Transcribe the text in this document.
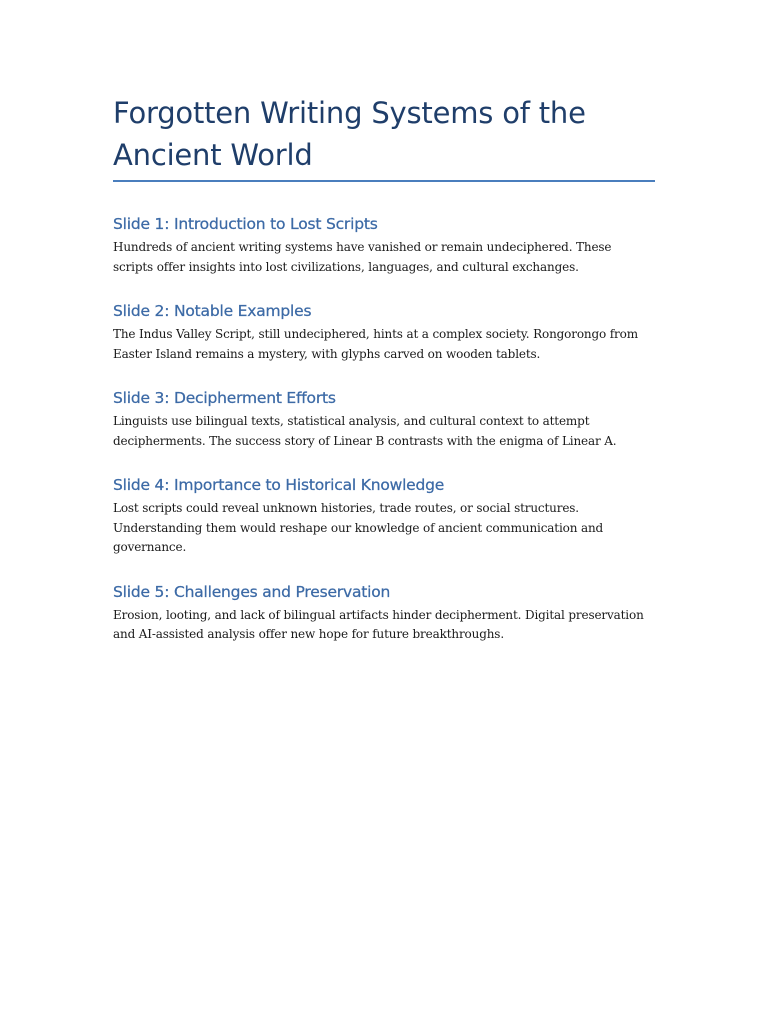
Forgotten Writing Systems of the
Ancient World
Slide 1: Introduction to Lost Scripts

Hundreds of ancient writing systems have vanished or remain undeciphered. These scripts offer insights into lost civilizations, languages, and cultural exchanges.

Slide 2: Notable Examples

The Indus Valley Script, still undeciphered, hints at a complex society. Rongorongo from Easter Island remains a mystery, with glyphs carved on wooden tablets.

Slide 3: Decipherment Efforts

Linguists use bilingual texts, statistical analysis, and cultural context to attempt decipherments. The success story of Linear B contrasts with the enigma of Linear A.

Slide 4: Importance to Historical Knowledge

Lost scripts could reveal unknown histories, trade routes, or social structures. Understanding them would reshape our knowledge of ancient communication and governance.

Slide 5: Challenges and Preservation

Erosion, looting, and lack of bilingual artifacts hinder decipherment. Digital preservation and AI-assisted analysis offer new hope for future breakthroughs.
